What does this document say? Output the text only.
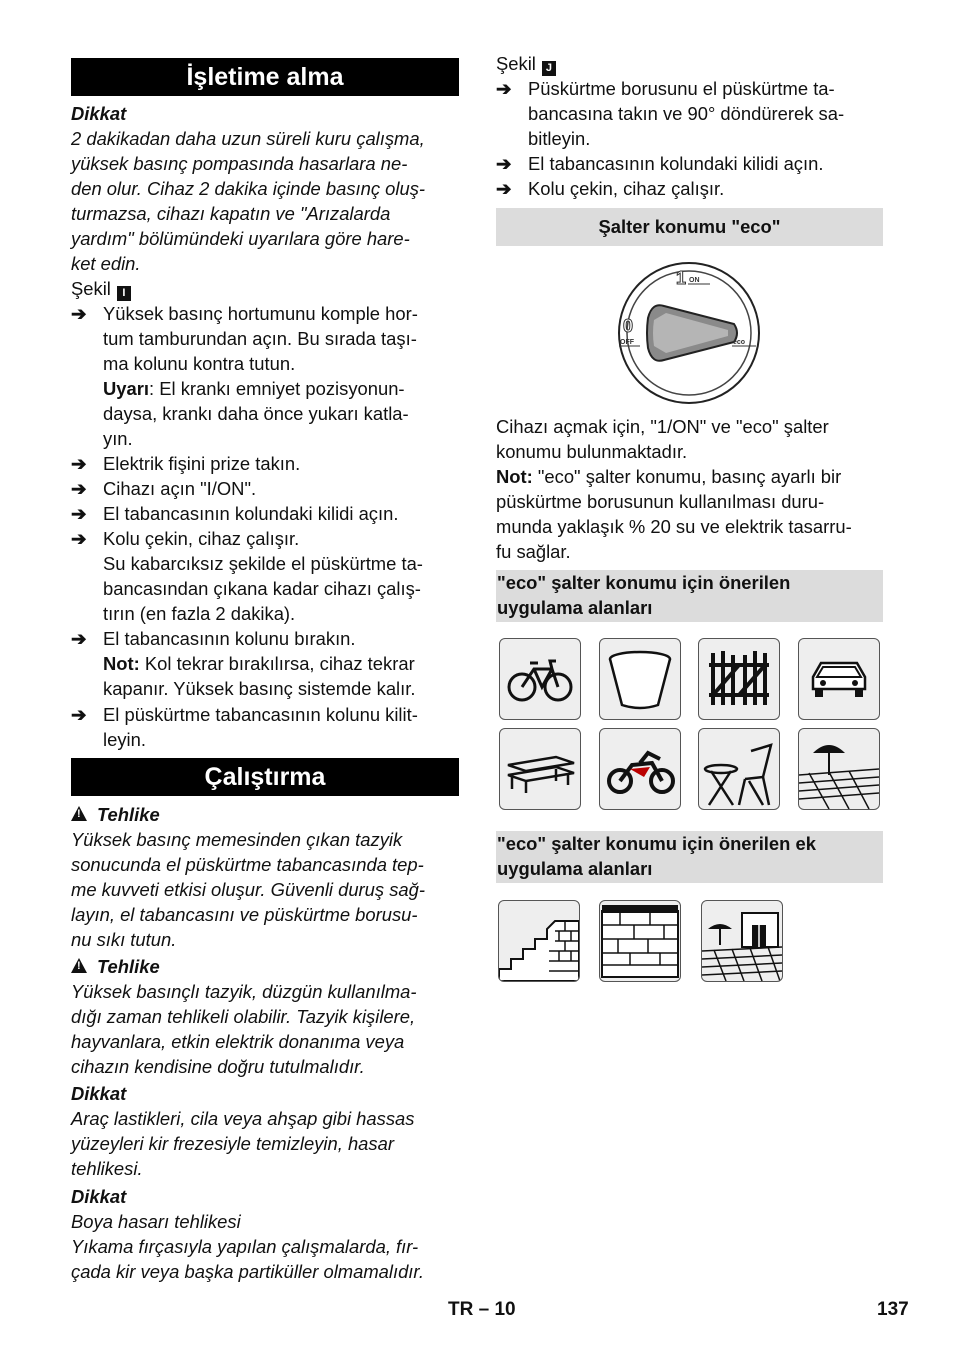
İşletime alma
Dikkat
2 dakikadan daha uzun süreli kuru çalışma,
yüksek basınç pompasında hasarlara ne-
den olur. Cihaz 2 dakika içinde basınç oluş-
turmazsa, cihazı kapatın ve "Arızalarda
yardım" bölümündeki uyarılara göre hare-
ket edin.
Şekil I
➔ Yüksek basınç hortumunu komple hor-
tum tamburundan açın. Bu sırada taşı-
ma kolunu kontra tutun.
Uyarı: El krankı emniyet pozisyonun-
daysa, krankı daha önce yukarı katla-
yın.
➔ Elektrik fişini prize takın.
➔ Cihazı açın "I/ON".
➔ El tabancasının kolundaki kilidi açın.
➔ Kolu çekin, cihaz çalışır.
Su kabarcıksız şekilde el püskürtme ta-
bancasından çıkana kadar cihazı çalış-
tırın (en fazla 2 dakika).
➔ El tabancasının kolunu bırakın.
Not: Kol tekrar bırakılırsa, cihaz tekrar
kapanır. Yüksek basınç sistemde kalır.
➔ El püskürtme tabancasının kolunu kilit-
leyin.
Çalıştırma
!Tehlike
Yüksek basınç memesinden çıkan tazyik
sonucunda el püskürtme tabancasında tep-
me kuvveti etkisi oluşur. Güvenli duruş sağ-
layın, el tabancasını ve püskürtme borusu-
nu sıkı tutun.
!Tehlike
Yüksek basınçlı tazyik, düzgün kullanılma-
dığı zaman tehlikeli olabilir. Tazyik kişilere,
hayvanlara, etkin elektrik donanıma veya
cihazın kendisine doğru tutulmalıdır.
Dikkat
Araç lastikleri, cila veya ahşap gibi hassas
yüzeyleri kir frezesiyle temizleyin, hasar
tehlikesi.
Dikkat
Boya hasarı tehlikesi
Yıkama fırçasıyla yapılan çalışmalarda, fır-
çada kir veya başka partiküller olmamalıdır.
Şekil J
➔ Püskürtme borusunu el püskürtme ta-
bancasına takın ve 90° döndürerek sa-
bitleyin.
➔ El tabancasının kolundaki kilidi açın.
➔ Kolu çekin, cihaz çalışır.
Şalter konumu "eco"
1 ON
0
OFF	eco
Cihazı açmak için, "1/ON" ve "eco" şalter
konumu bulunmaktadır.
Not: "eco" şalter konumu, basınç ayarlı bir
püskürtme borusunun kullanılması duru-
munda yaklaşık % 20 su ve elektrik tasarru-
fu sağlar.
"eco" şalter konumu için önerilen
uygulama alanları
"eco" şalter konumu için önerilen ek
uygulama alanları
TR – 10	137
